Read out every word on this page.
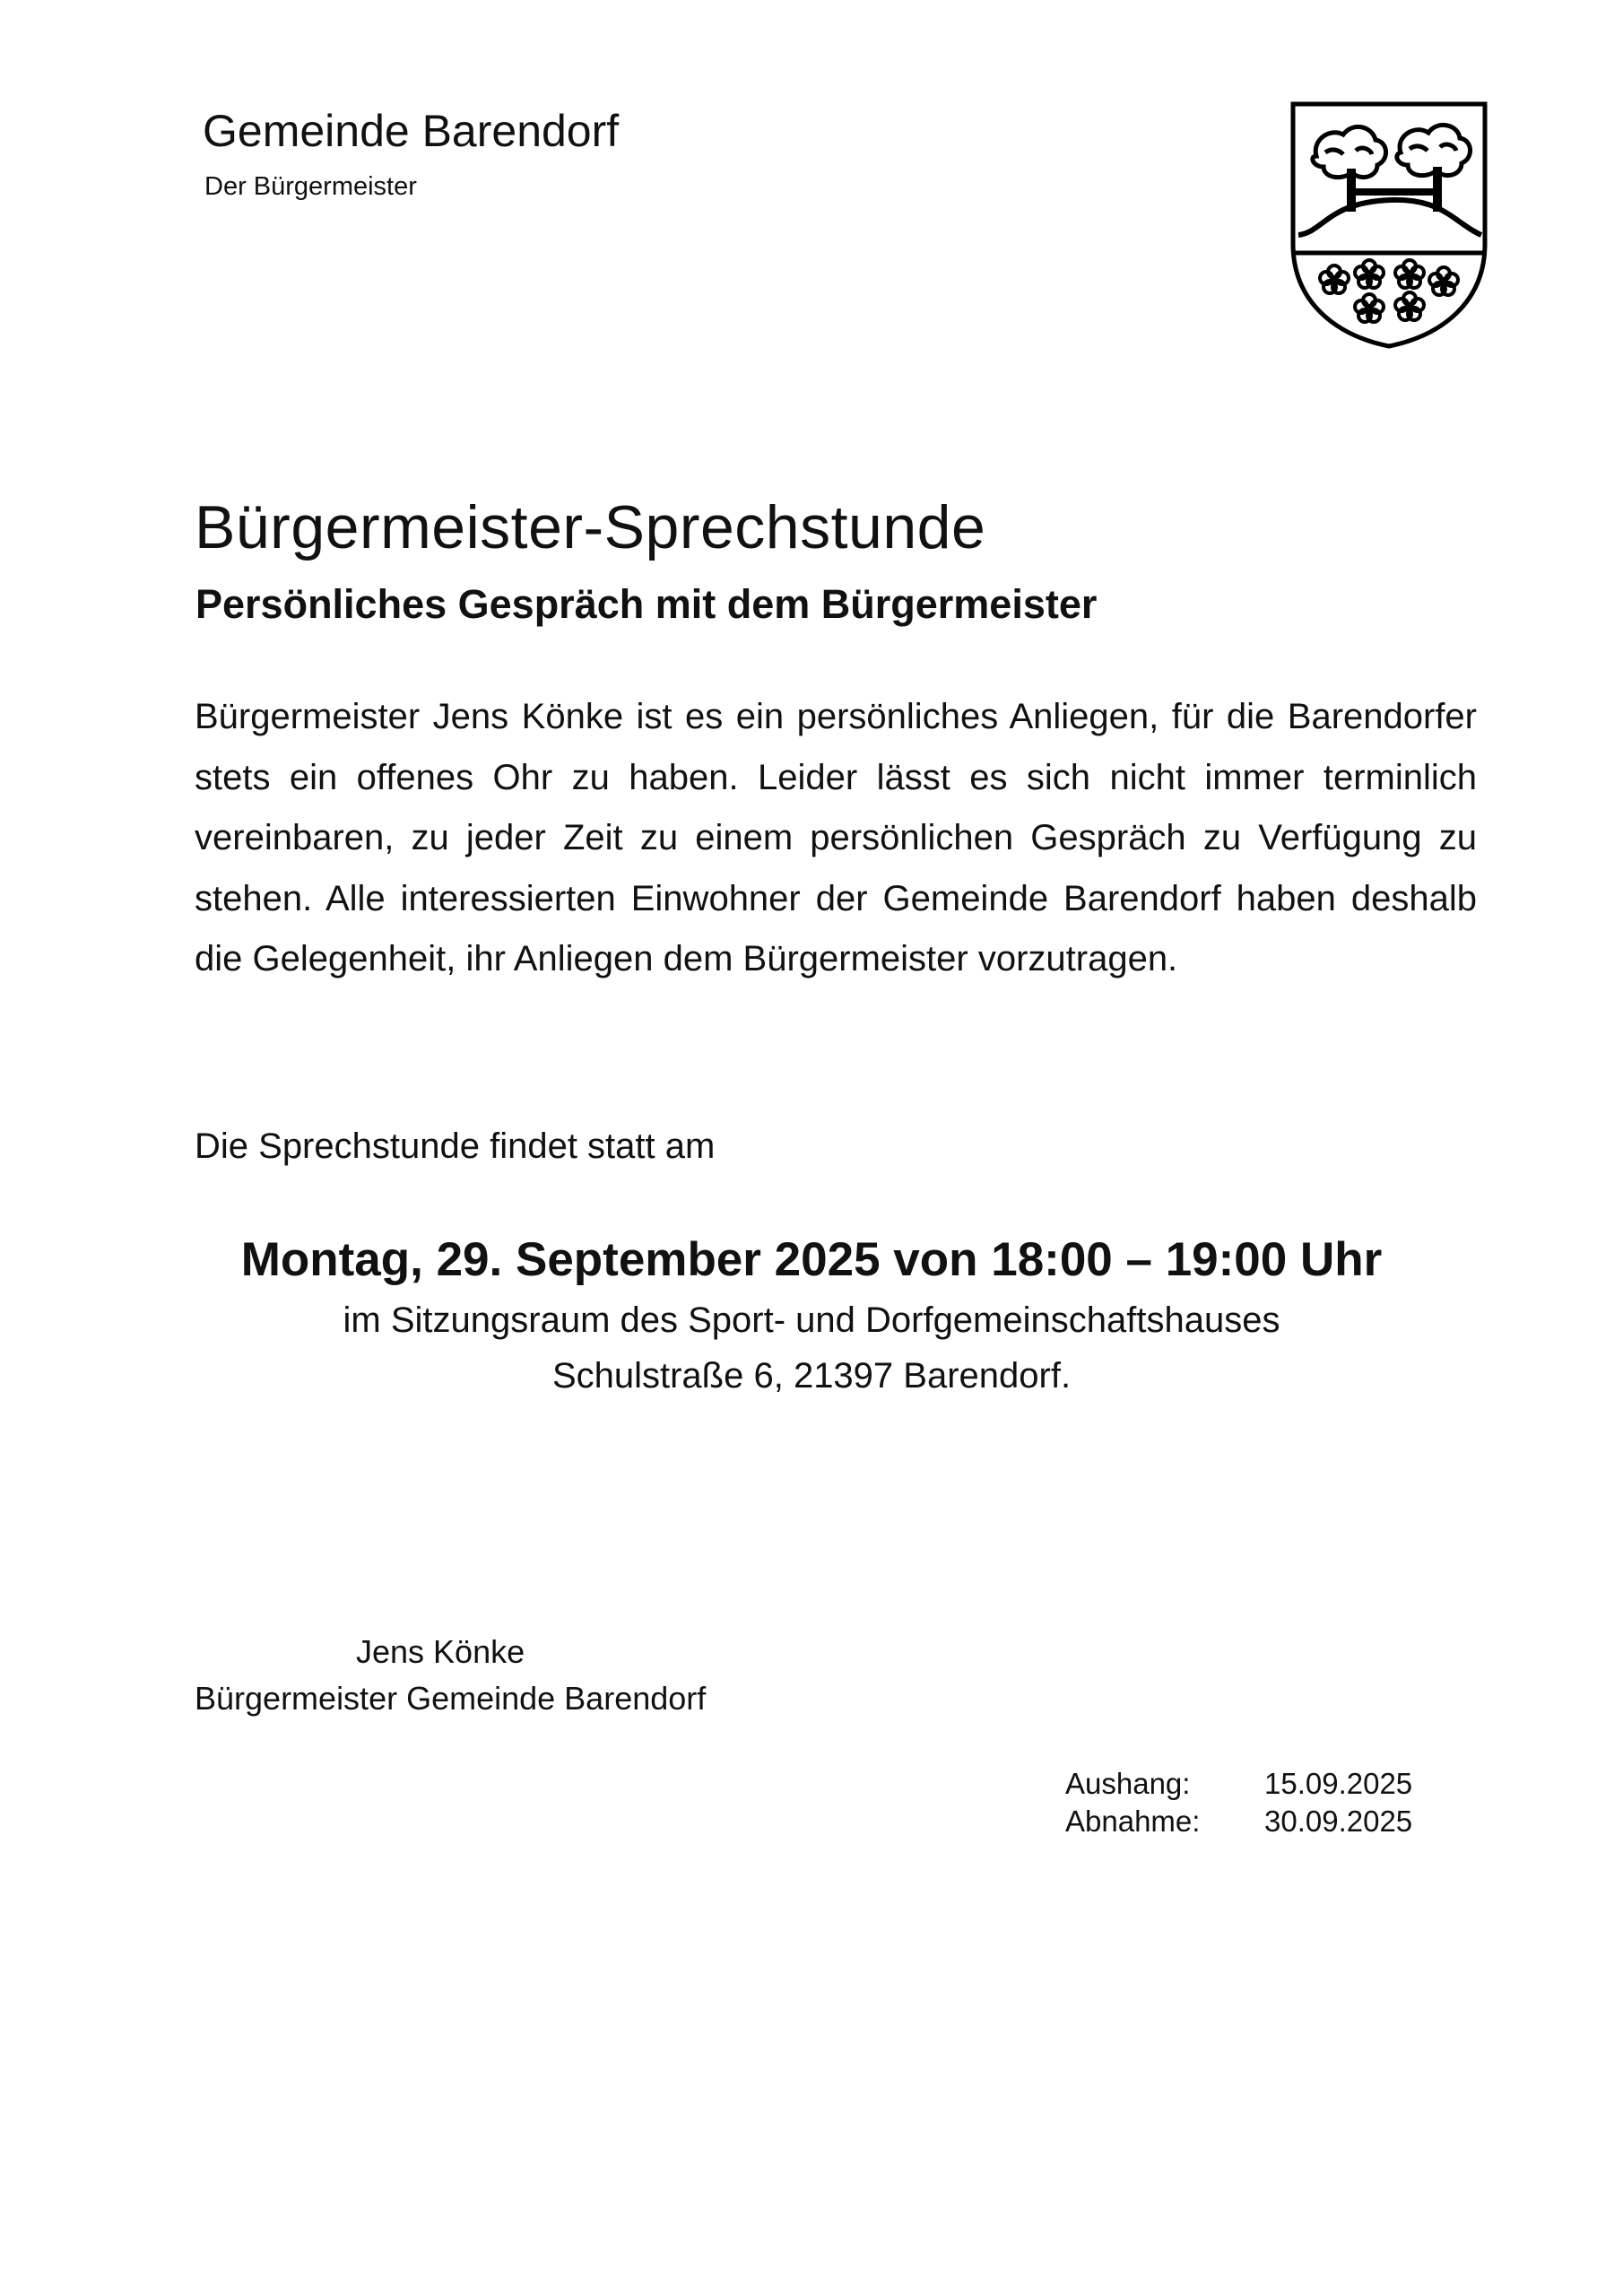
Gemeinde Barendorf
Der Bürgermeister
Bürgermeister-Sprechstunde
Persönliches Gespräch mit dem Bürgermeister
Bürgermeister Jens Könke ist es ein persönliches Anliegen, für die Barendorfer stets ein offenes Ohr zu haben. Leider lässt es sich nicht immer terminlich vereinbaren, zu jeder Zeit zu einem persönlichen Gespräch zu Verfügung zu stehen. Alle interessierten Einwohner der Gemeinde Barendorf haben deshalb die Gelegenheit, ihr Anliegen dem Bürgermeister vorzutragen.
Die Sprechstunde findet statt am
Montag, 29. September 2025 von 18:00 – 19:00 Uhr
im Sitzungsraum des Sport- und Dorfgemeinschaftshauses
Schulstraße 6, 21397 Barendorf.
Jens Könke
Bürgermeister Gemeinde Barendorf
Aushang:	15.09.2025
Abnahme:	30.09.2025
